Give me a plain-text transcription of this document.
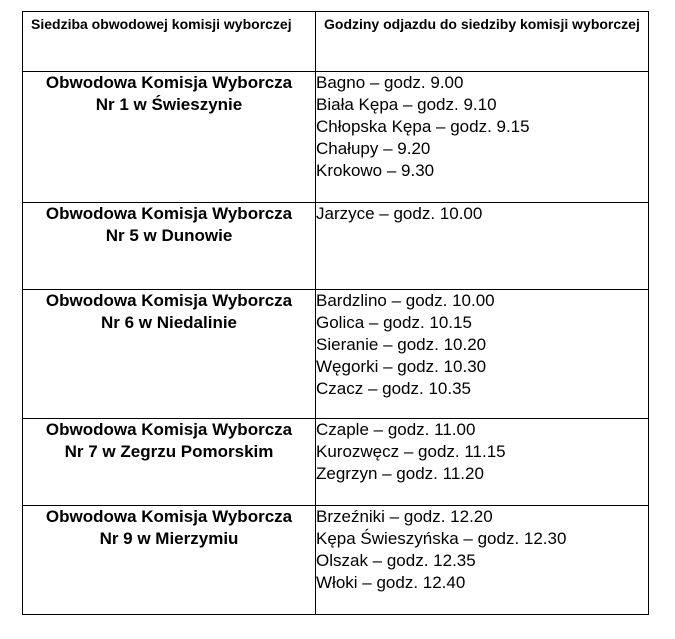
Siedziba obwodowej komisji wyborczej	Godziny odjazdu do siedziby komisji wyborczej

Obwodowa Komisja Wyborcza
Nr 1 w Świeszynie	Bagno – godz. 9.00
Biała Kępa – godz. 9.10
Chłopska Kępa – godz. 9.15
Chałupy – 9.20
Krokowo – 9.30

Obwodowa Komisja Wyborcza
Nr 5 w Dunowie	Jarzyce – godz. 10.00

Obwodowa Komisja Wyborcza
Nr 6 w Niedalinie	Bardzlino – godz. 10.00
Golica – godz. 10.15
Sieranie – godz. 10.20
Węgorki – godz. 10.30
Czacz – godz. 10.35

Obwodowa Komisja Wyborcza
Nr 7 w Zegrzu Pomorskim	Czaple – godz. 11.00
Kurozwęcz – godz. 11.15
Zegrzyn – godz. 11.20

Obwodowa Komisja Wyborcza
Nr 9 w Mierzymiu	Brzeźniki – godz. 12.20
Kępa Świeszyńska – godz. 12.30
Olszak – godz. 12.35
Włoki – godz. 12.40
